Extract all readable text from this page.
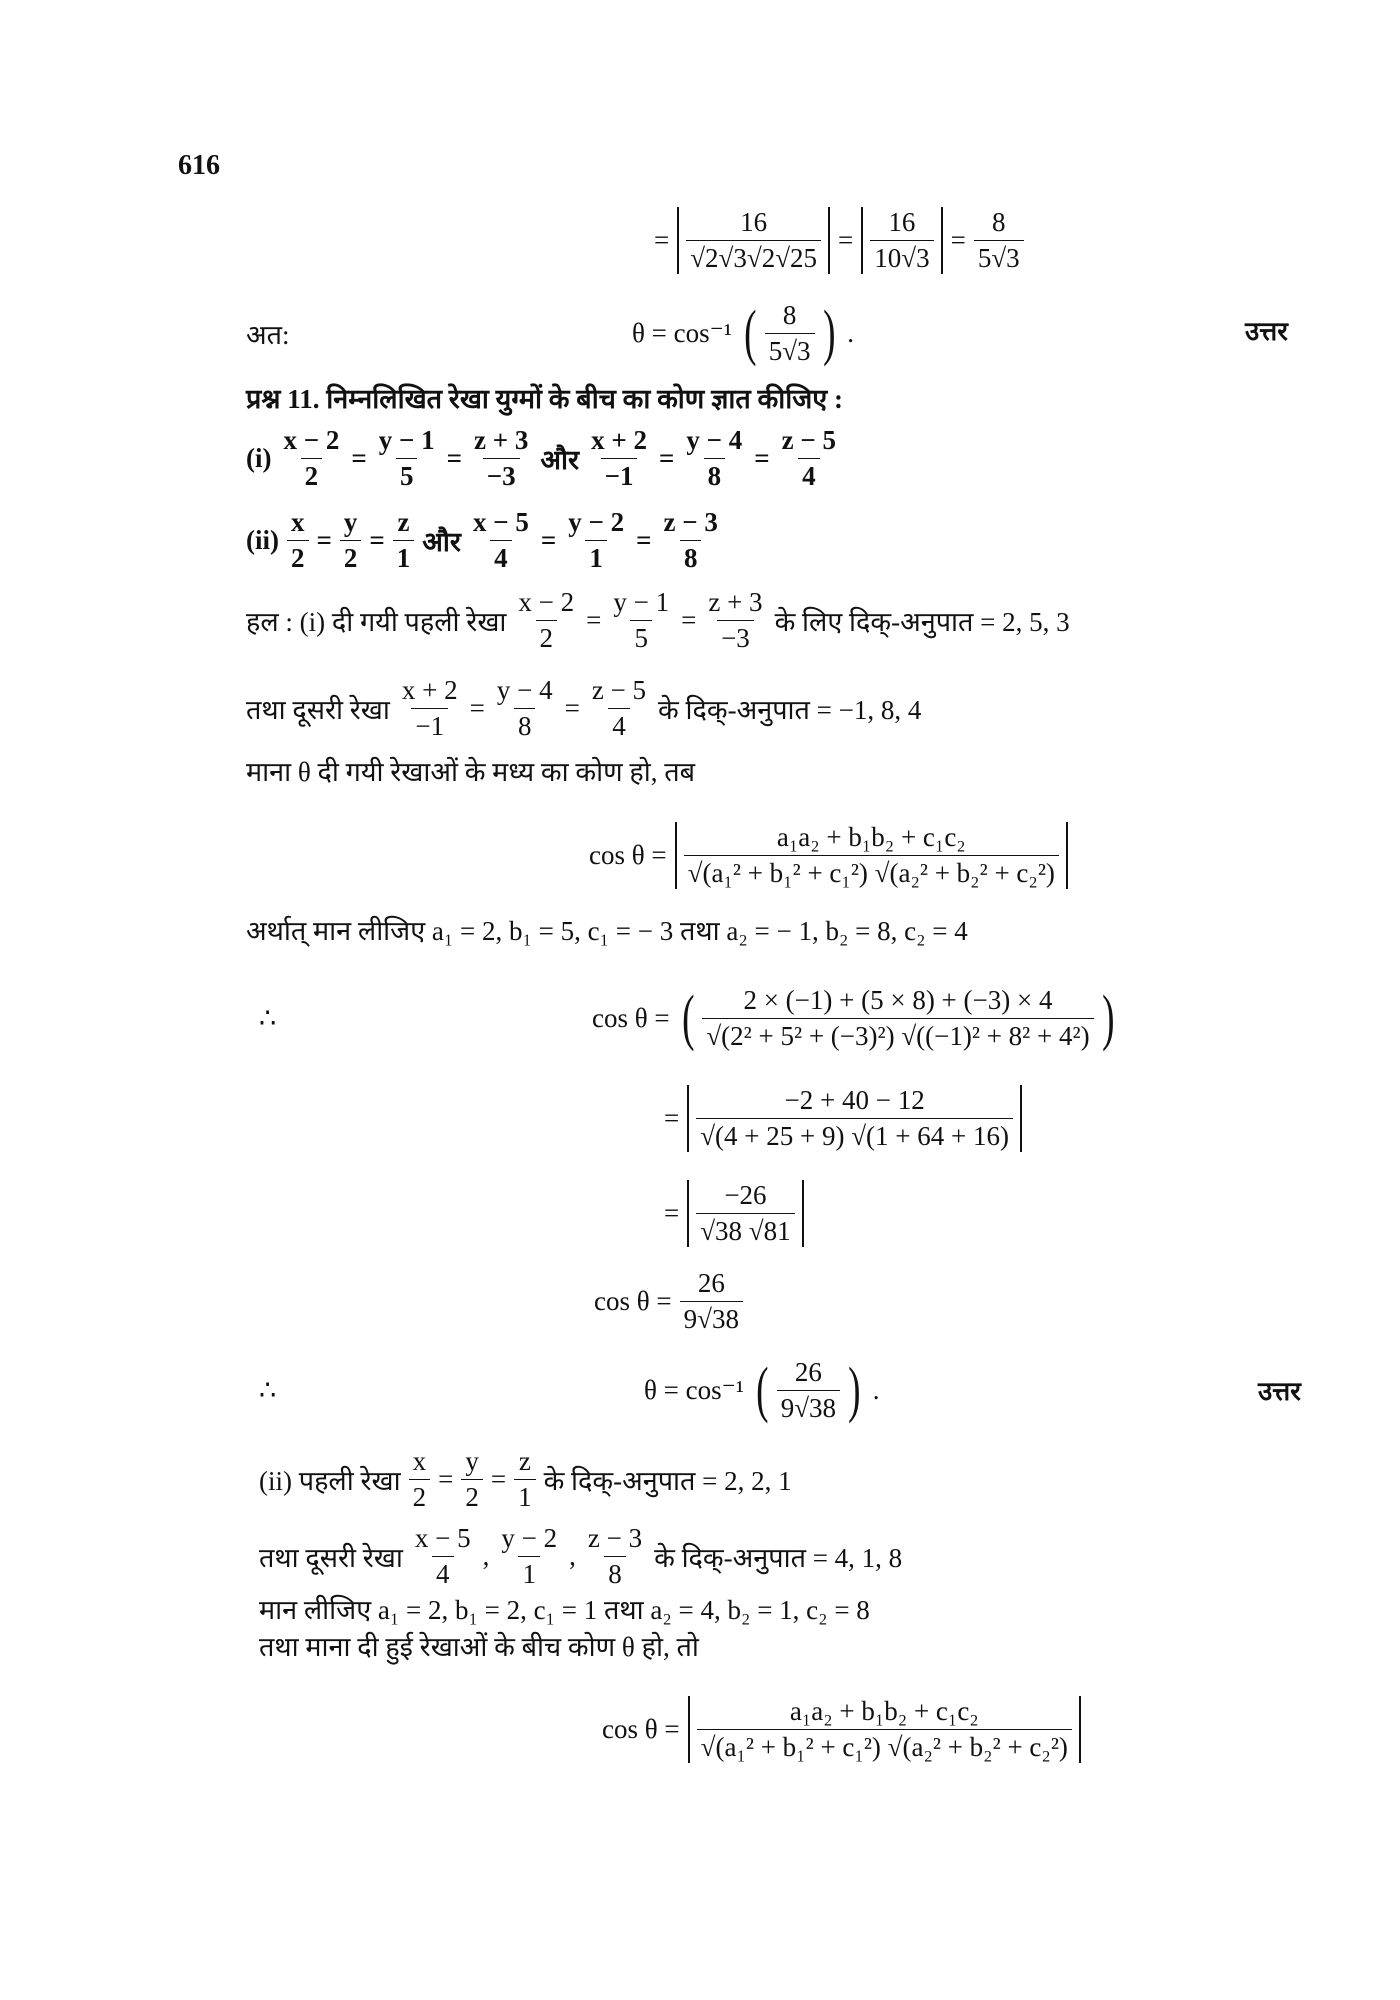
616
उत्तर
उत्तर
= $\frac{16}{√2√3√2√25} = \frac{16}{10√3} = \frac{8}{5√3}$
अत:	θ = cos⁻¹ ( $\frac{8}{5√3}$ ) .
प्रश्न 11. निम्नलिखित रेखा युग्मों के बीच का कोण ज्ञात कीजिए :
$(i) \frac{x - 2}{2} = \frac{y - 1}{5} = \frac{z + 3}{-3}$ और $\frac{x + 2}{-1} = \frac{y - 4}{8} = \frac{z - 5}{4}$
$(ii) \frac{x}{2} = \frac{y}{2} = \frac{z}{1}$ और $\frac{x - 5}{4} = \frac{y - 2}{1} = \frac{z - 3}{8}$
हल : (i) दी गयी पहली रेखा $\frac{x - 2}{2} = \frac{y - 1}{5} = \frac{z + 3}{-3}$ के लिए दिक्-अनुपात = 2, 5, 3
तथा दूसरी रेखा $\frac{x + 2}{-1} = \frac{y - 4}{8} = \frac{z - 5}{4}$ के दिक्-अनुपात = −1, 8, 4
माना θ दी गयी रेखाओं के मध्य का कोण हो, तब
$\cos \theta = \frac{\text{a₁a₂ + b₁b₂ + c₁c₂}}{\text{√(a₁² + b₁² + c₁²) √(a₂² + b₂² + c₂²)}}$
अर्थात् मान लीजिए a₁ = 2, b₁ = 5, c₁ = − 3 तथा a₂ = − 1, b₂ = 8, c₂ = 4
∴	cos θ = ( $\frac{2 \times (-1) + (5 \times 8) + (-3) \times 4}{\text{√(2² + 5² + (−3)²) √((−1)² + 8² + 4²)}}$ )
= $\frac{-2 + 40 - 12}{√(4 + 25 + 9) √(1 + 64 + 16)}$
= $\frac{-26}{√38 √81}$
$\cos \theta = \frac{26}{9√38}$
∴	θ = cos⁻¹ ( $\frac{26}{9√38}$ ) .
(ii) पहली रेखा $\frac{x}{2} = \frac{y}{2} = \frac{z}{1}$ के दिक्-अनुपात = 2, 2, 1
तथा दूसरी रेखा $\frac{x - 5}{4}$ , $\frac{y - 2}{1}$ , $\frac{z - 3}{8}$ के दिक्-अनुपात = 4, 1, 8
मान लीजिए a₁ = 2, b₁ = 2, c₁ = 1 तथा a₂ = 4, b₂ = 1, c₂ = 8
तथा माना दी हुई रेखाओं के बीच कोण θ हो, तो
$\cos \theta = \frac{\text{a₁a₂ + b₁b₂ + c₁c₂}}{\text{√(a₁² + b₁² + c₁²) √(a₂² + b₂² + c₂²)}}$
